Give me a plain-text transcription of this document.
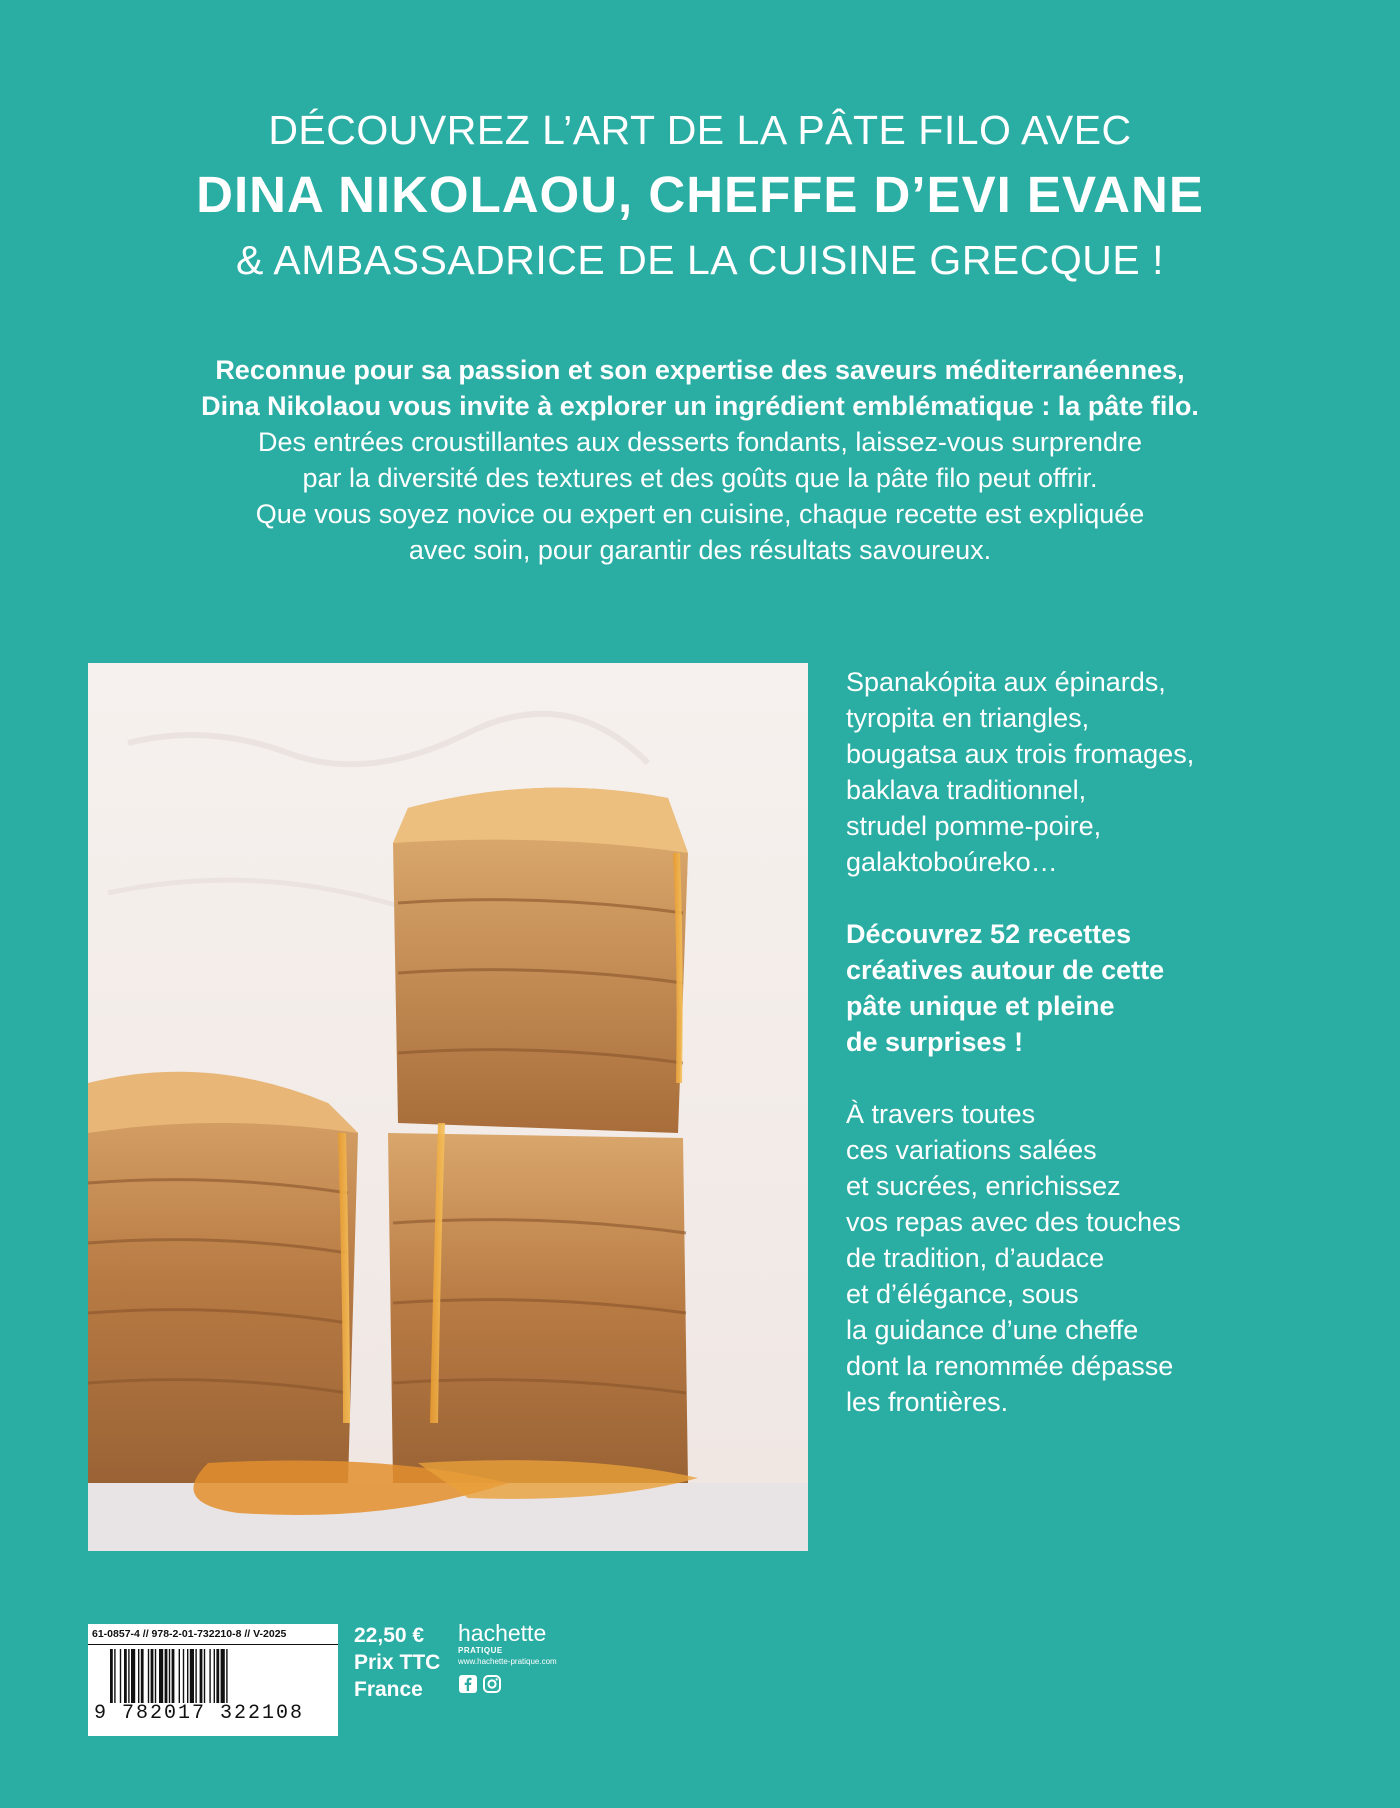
DÉCOUVREZ L’ART DE LA PÂTE FILO AVEC
DINA NIKOLAOU, CHEFFE D’EVI EVANE
& AMBASSADRICE DE LA CUISINE GRECQUE !

Reconnue pour sa passion et son expertise des saveurs méditerranéennes,

Dina Nikolaou vous invite à explorer un ingrédient emblématique : la pâte filo.

Des entrées croustillantes aux desserts fondants, laissez-vous surprendre

par la diversité des textures et des goûts que la pâte filo peut offrir.

Que vous soyez novice ou expert en cuisine, chaque recette est expliquée

avec soin, pour garantir des résultats savoureux.

Spanakópita aux épinards,
tyropita en triangles,
bougatsa aux trois fromages,
baklava traditionnel,
strudel pomme-poire,
galaktoboúreko…

Découvrez 52 recettes
créatives autour de cette
pâte unique et pleine
de surprises !

À travers toutes
ces variations salées
et sucrées, enrichissez
vos repas avec des touches
de tradition, d’audace
et d’élégance, sous
la guidance d’une cheffe
dont la renommée dépasse
les frontières.

61-0857-4 // 978-2-01-732210-8 // V-2025
9 782017 322108
22,50 €
Prix TTC
France
hachette
PRATIQUE
www.hachette-pratique.com
